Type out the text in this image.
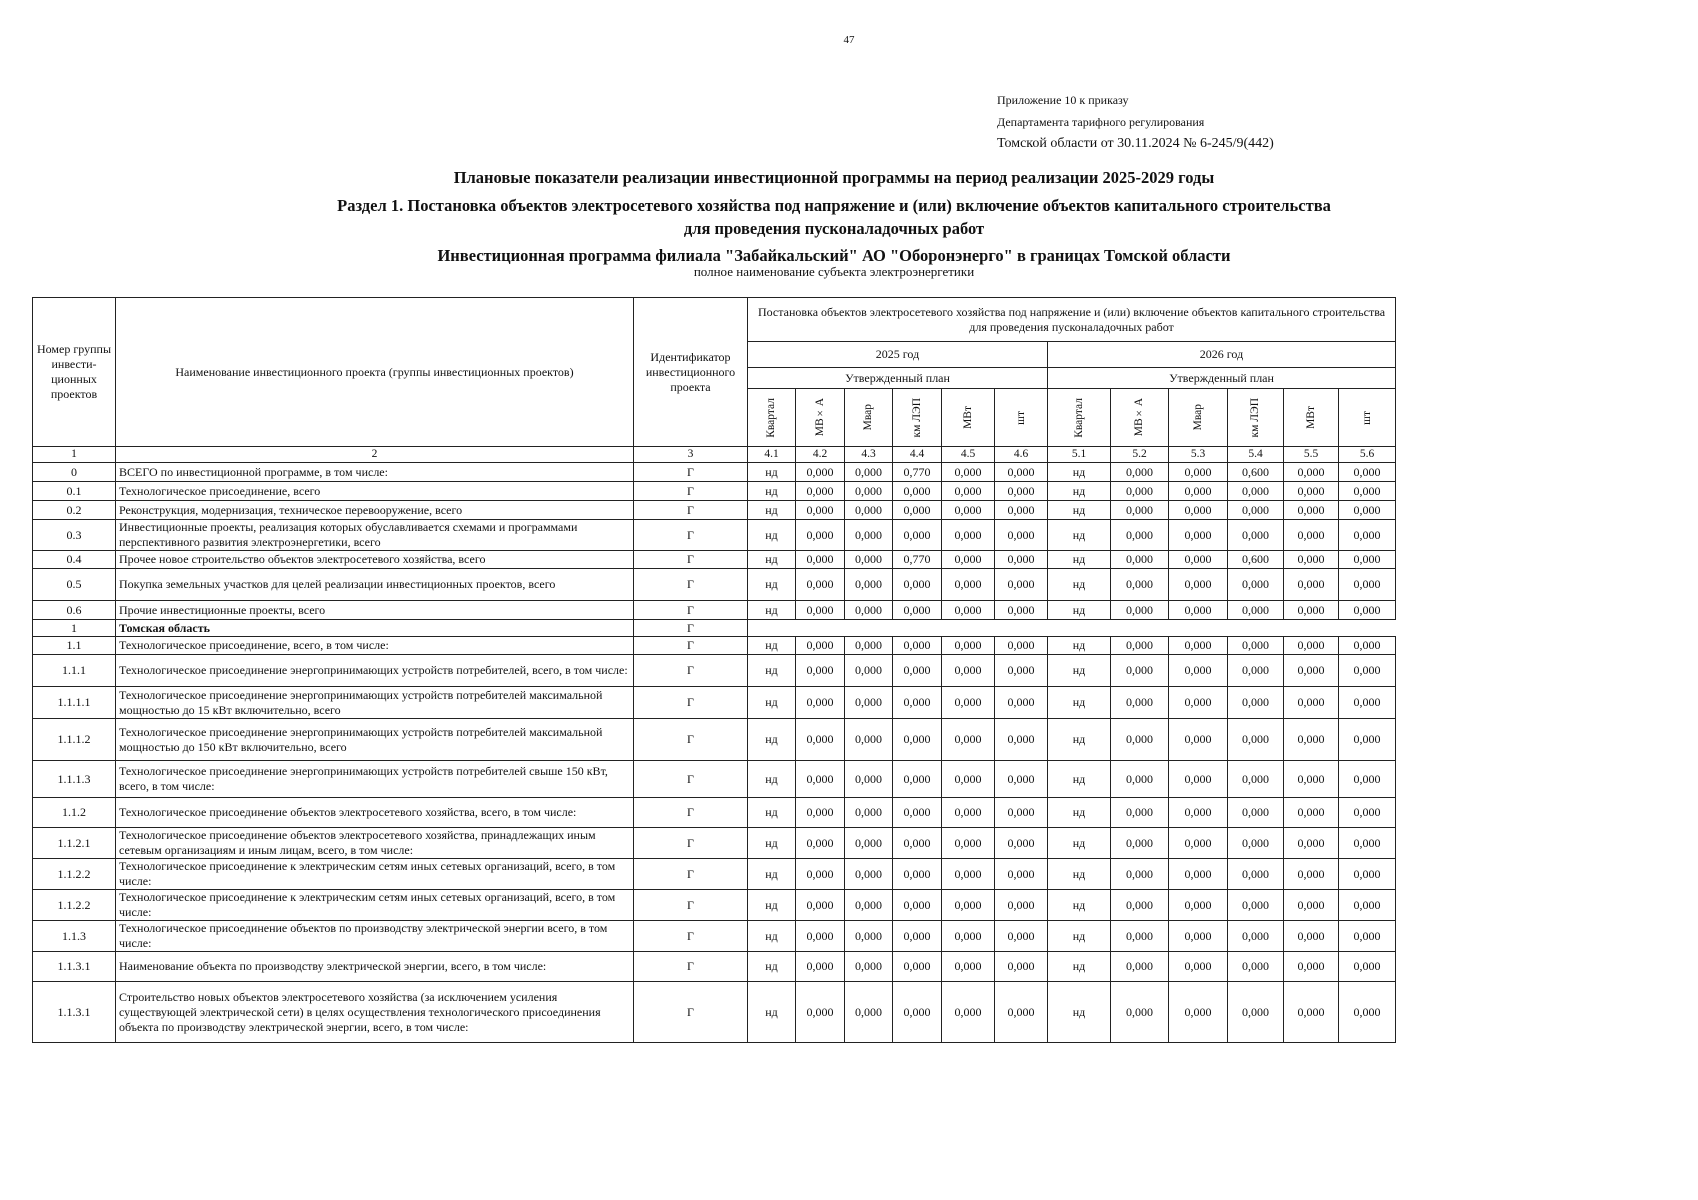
47
Приложение 10 к приказу
Департамента тарифного регулирования
Томской области от 30.11.2024 № 6-245/9(442)
Плановые показатели реализации инвестиционной программы на период реализации 2025-2029 годы
Раздел 1. Постановка объектов электросетевого хозяйства под напряжение и (или) включение объектов капитального строительства
для проведения пусконаладочных работ
Инвестиционная программа филиала "Забайкальский" АО "Оборонэнерго" в границах Томской области
полное наименование субъекта электроэнергетики
Номер группы инвести-ционных проектов	Наименование инвестиционного проекта (группы инвестиционных проектов)	Идентификатор инвестиционного проекта	Постановка объектов электросетевого хозяйства под напряжение и (или) включение объектов капитального строительства для проведения пусконаладочных работ											
			2025 год						2026 год					
			Утвержденный план						Утвержденный план					

			Квартал	МВ×А	Мвар	км ЛЭП	МВт	шт	Квартал	МВ×А	Мвар	км ЛЭП	МВт	шт

1	2	3	4.1	4.2	4.3	4.4	4.5	4.6	5.1	5.2	5.3	5.4	5.5	5.6
0	ВСЕГО по инвестиционной программе, в том числе:	Г	нд	0,000	0,000	0,770	0,000	0,000	нд	0,000	0,000	0,600	0,000	0,000
0.1	Технологическое присоединение, всего	Г	нд	0,000	0,000	0,000	0,000	0,000	нд	0,000	0,000	0,000	0,000	0,000
0.2	Реконструкция, модернизация, техническое перевооружение, всего	Г	нд	0,000	0,000	0,000	0,000	0,000	нд	0,000	0,000	0,000	0,000	0,000
0.3	Инвестиционные проекты, реализация которых обуславливается схемами и программами перспективного развития электроэнергетики, всего	Г	нд	0,000	0,000	0,000	0,000	0,000	нд	0,000	0,000	0,000	0,000	0,000
0.4	Прочее новое строительство объектов электросетевого хозяйства, всего	Г	нд	0,000	0,000	0,770	0,000	0,000	нд	0,000	0,000	0,600	0,000	0,000
0.5	Покупка земельных участков для целей реализации инвестиционных проектов, всего	Г	нд	0,000	0,000	0,000	0,000	0,000	нд	0,000	0,000	0,000	0,000	0,000
0.6	Прочие инвестиционные проекты, всего	Г	нд	0,000	0,000	0,000	0,000	0,000	нд	0,000	0,000	0,000	0,000	0,000
1	Томская область	Г												
1.1	Технологическое присоединение, всего, в том числе:	Г	нд	0,000	0,000	0,000	0,000	0,000	нд	0,000	0,000	0,000	0,000	0,000
1.1.1	Технологическое присоединение энергопринимающих устройств потребителей, всего, в том числе:	Г	нд	0,000	0,000	0,000	0,000	0,000	нд	0,000	0,000	0,000	0,000	0,000
1.1.1.1	Технологическое присоединение энергопринимающих устройств потребителей максимальной мощностью до 15 кВт включительно, всего	Г	нд	0,000	0,000	0,000	0,000	0,000	нд	0,000	0,000	0,000	0,000	0,000
1.1.1.2	Технологическое присоединение энергопринимающих устройств потребителей максимальной мощностью до 150 кВт включительно, всего	Г	нд	0,000	0,000	0,000	0,000	0,000	нд	0,000	0,000	0,000	0,000	0,000
1.1.1.3	Технологическое присоединение энергопринимающих устройств потребителей свыше 150 кВт, всего, в том числе:	Г	нд	0,000	0,000	0,000	0,000	0,000	нд	0,000	0,000	0,000	0,000	0,000
1.1.2	Технологическое присоединение объектов электросетевого хозяйства, всего, в том числе:	Г	нд	0,000	0,000	0,000	0,000	0,000	нд	0,000	0,000	0,000	0,000	0,000
1.1.2.1	Технологическое присоединение объектов электросетевого хозяйства, принадлежащих иным сетевым организациям и иным лицам, всего, в том числе:	Г	нд	0,000	0,000	0,000	0,000	0,000	нд	0,000	0,000	0,000	0,000	0,000
1.1.2.2	Технологическое присоединение к электрическим сетям иных сетевых организаций, всего, в том числе:	Г	нд	0,000	0,000	0,000	0,000	0,000	нд	0,000	0,000	0,000	0,000	0,000
1.1.2.2	Технологическое присоединение к электрическим сетям иных сетевых организаций, всего, в том числе:	Г	нд	0,000	0,000	0,000	0,000	0,000	нд	0,000	0,000	0,000	0,000	0,000
1.1.3	Технологическое присоединение объектов по производству электрической энергии всего, в том числе:	Г	нд	0,000	0,000	0,000	0,000	0,000	нд	0,000	0,000	0,000	0,000	0,000
1.1.3.1	Наименование объекта по производству электрической энергии, всего, в том числе:	Г	нд	0,000	0,000	0,000	0,000	0,000	нд	0,000	0,000	0,000	0,000	0,000
1.1.3.1	Строительство новых объектов электросетевого хозяйства (за исключением усиления существующей электрической сети) в целях осуществления технологического присоединения объекта по производству электрической энергии, всего, в том числе:	Г	нд	0,000	0,000	0,000	0,000	0,000	нд	0,000	0,000	0,000	0,000	0,000
